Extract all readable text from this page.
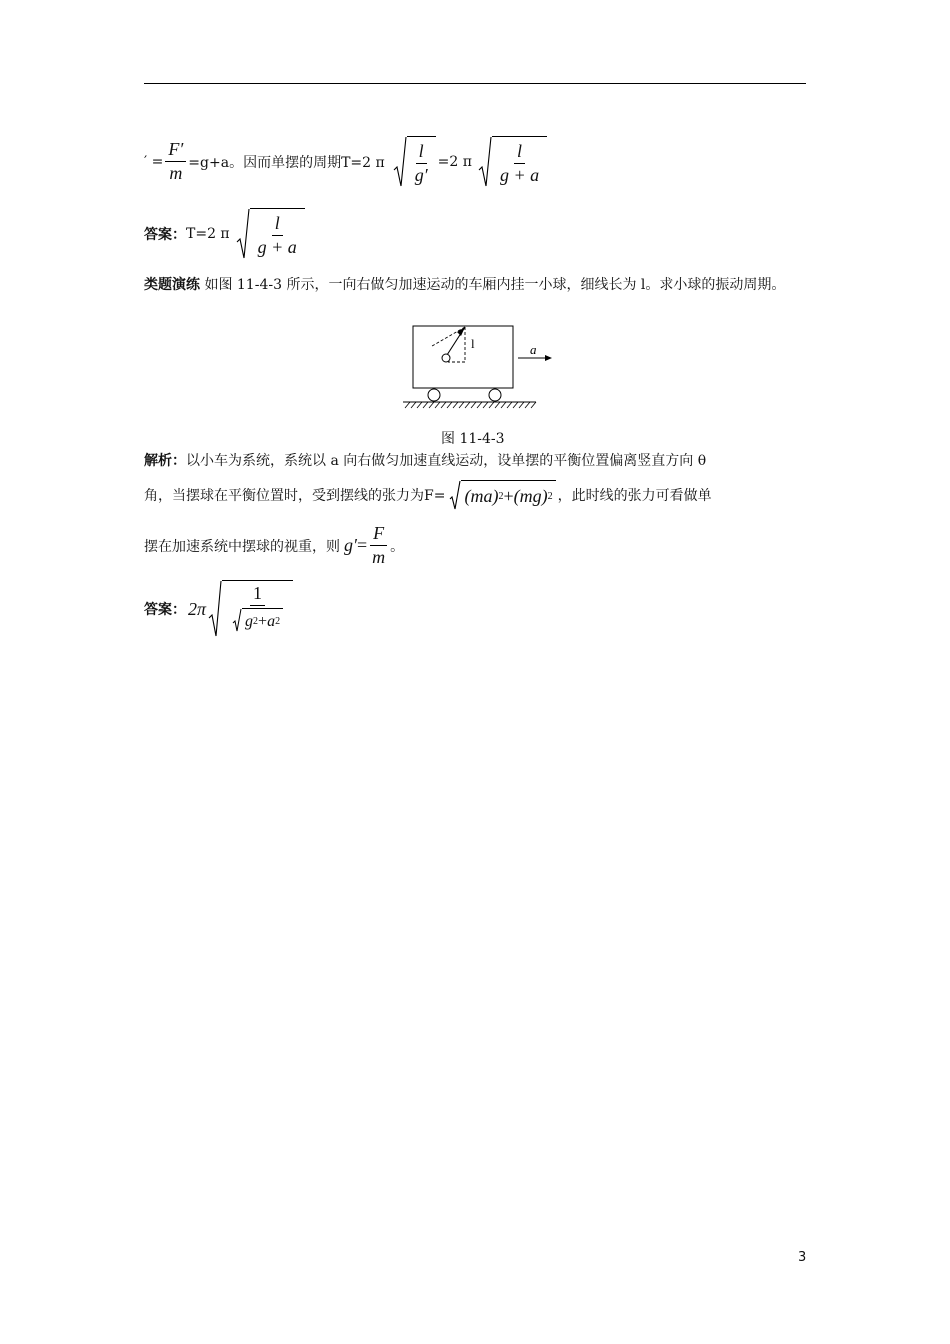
′ = $\frac{F'}{m} =g+a$。因而单摆的周期T=2 π $\frac{l}{g'} =2$ π $\frac{l}{g + a}$
答案： T=2 π $\frac{l}{g + a}$
类题演练 如图 11-4-3 所示，一向右做匀加速运动的车厢内挂一小球，细线长为 l。求小球的振动周期。
l	a
图 11-4-3
解析： 以小车为系统，系统以 a 向右做匀加速直线运动，设单摆的平衡位置偏离竖直方向 θ
角，当摆球在平衡位置时，受到摆线的张力为F= (ma) 2 + (mg) 2 ，此时线的张力可看做单
摆在加速系统中摆球的视重，则 $g' = \frac{F}{m}$ 。
答案： $2\pi \frac{1}{g 2 + a 2}$
3
